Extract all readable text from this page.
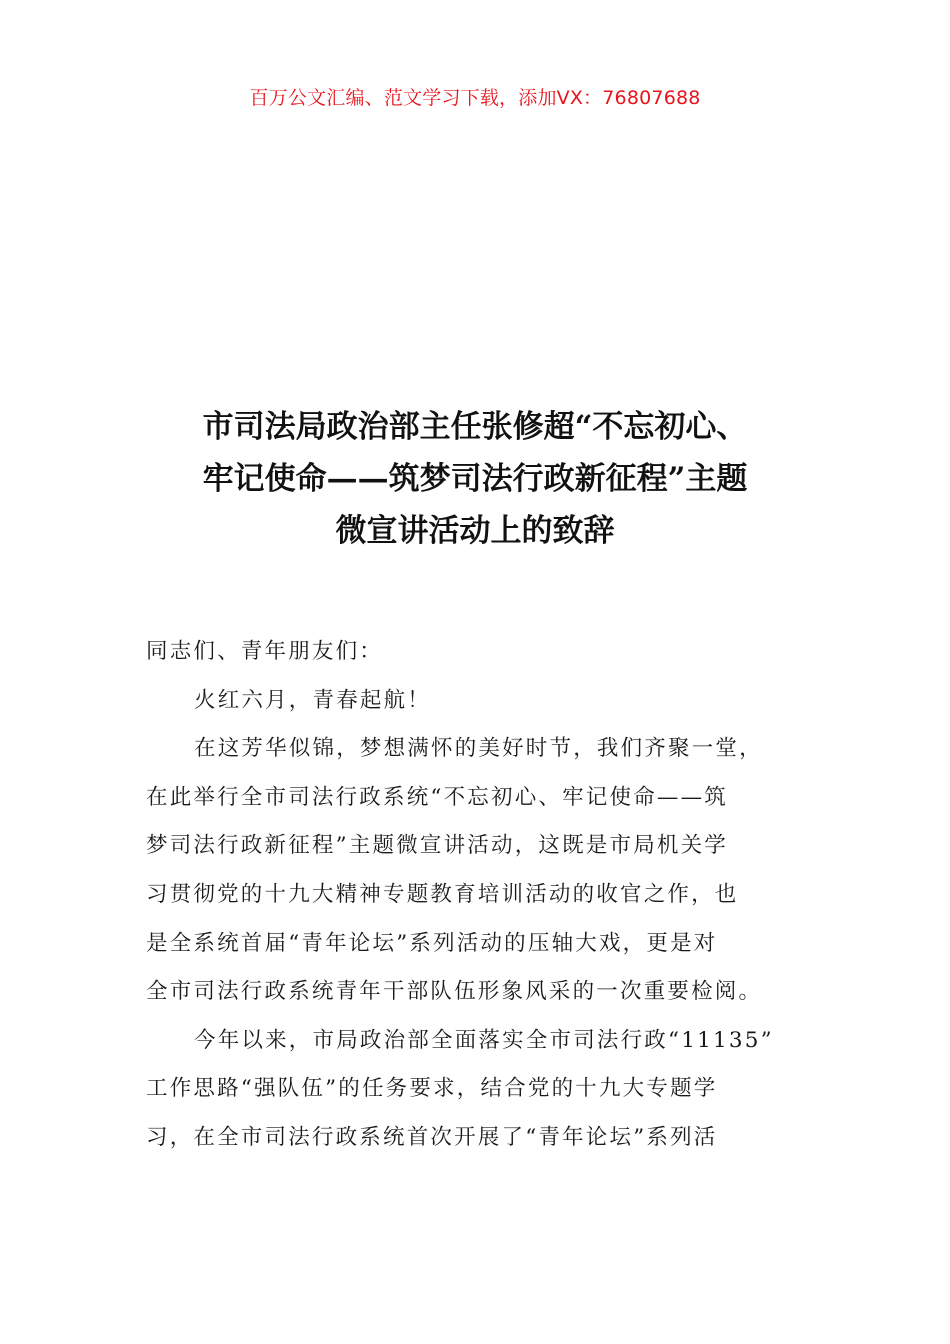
百万公文汇编、范文学习下载，添加VX：76807688
市司法局政治部主任张修超“不忘初心、
牢记使命——筑梦司法行政新征程”主题
微宣讲活动上的致辞
同志们、青年朋友们：
火红六月，青春起航！
在这芳华似锦，梦想满怀的美好时节，我们齐聚一堂，
在此举行全市司法行政系统“不忘初心、牢记使命——筑
梦司法行政新征程”主题微宣讲活动，这既是市局机关学
习贯彻党的十九大精神专题教育培训活动的收官之作，也
是全系统首届“青年论坛”系列活动的压轴大戏，更是对
全市司法行政系统青年干部队伍形象风采的一次重要检阅。
今年以来，市局政治部全面落实全市司法行政“11135”
工作思路“强队伍”的任务要求，结合党的十九大专题学
习，在全市司法行政系统首次开展了“青年论坛”系列活
